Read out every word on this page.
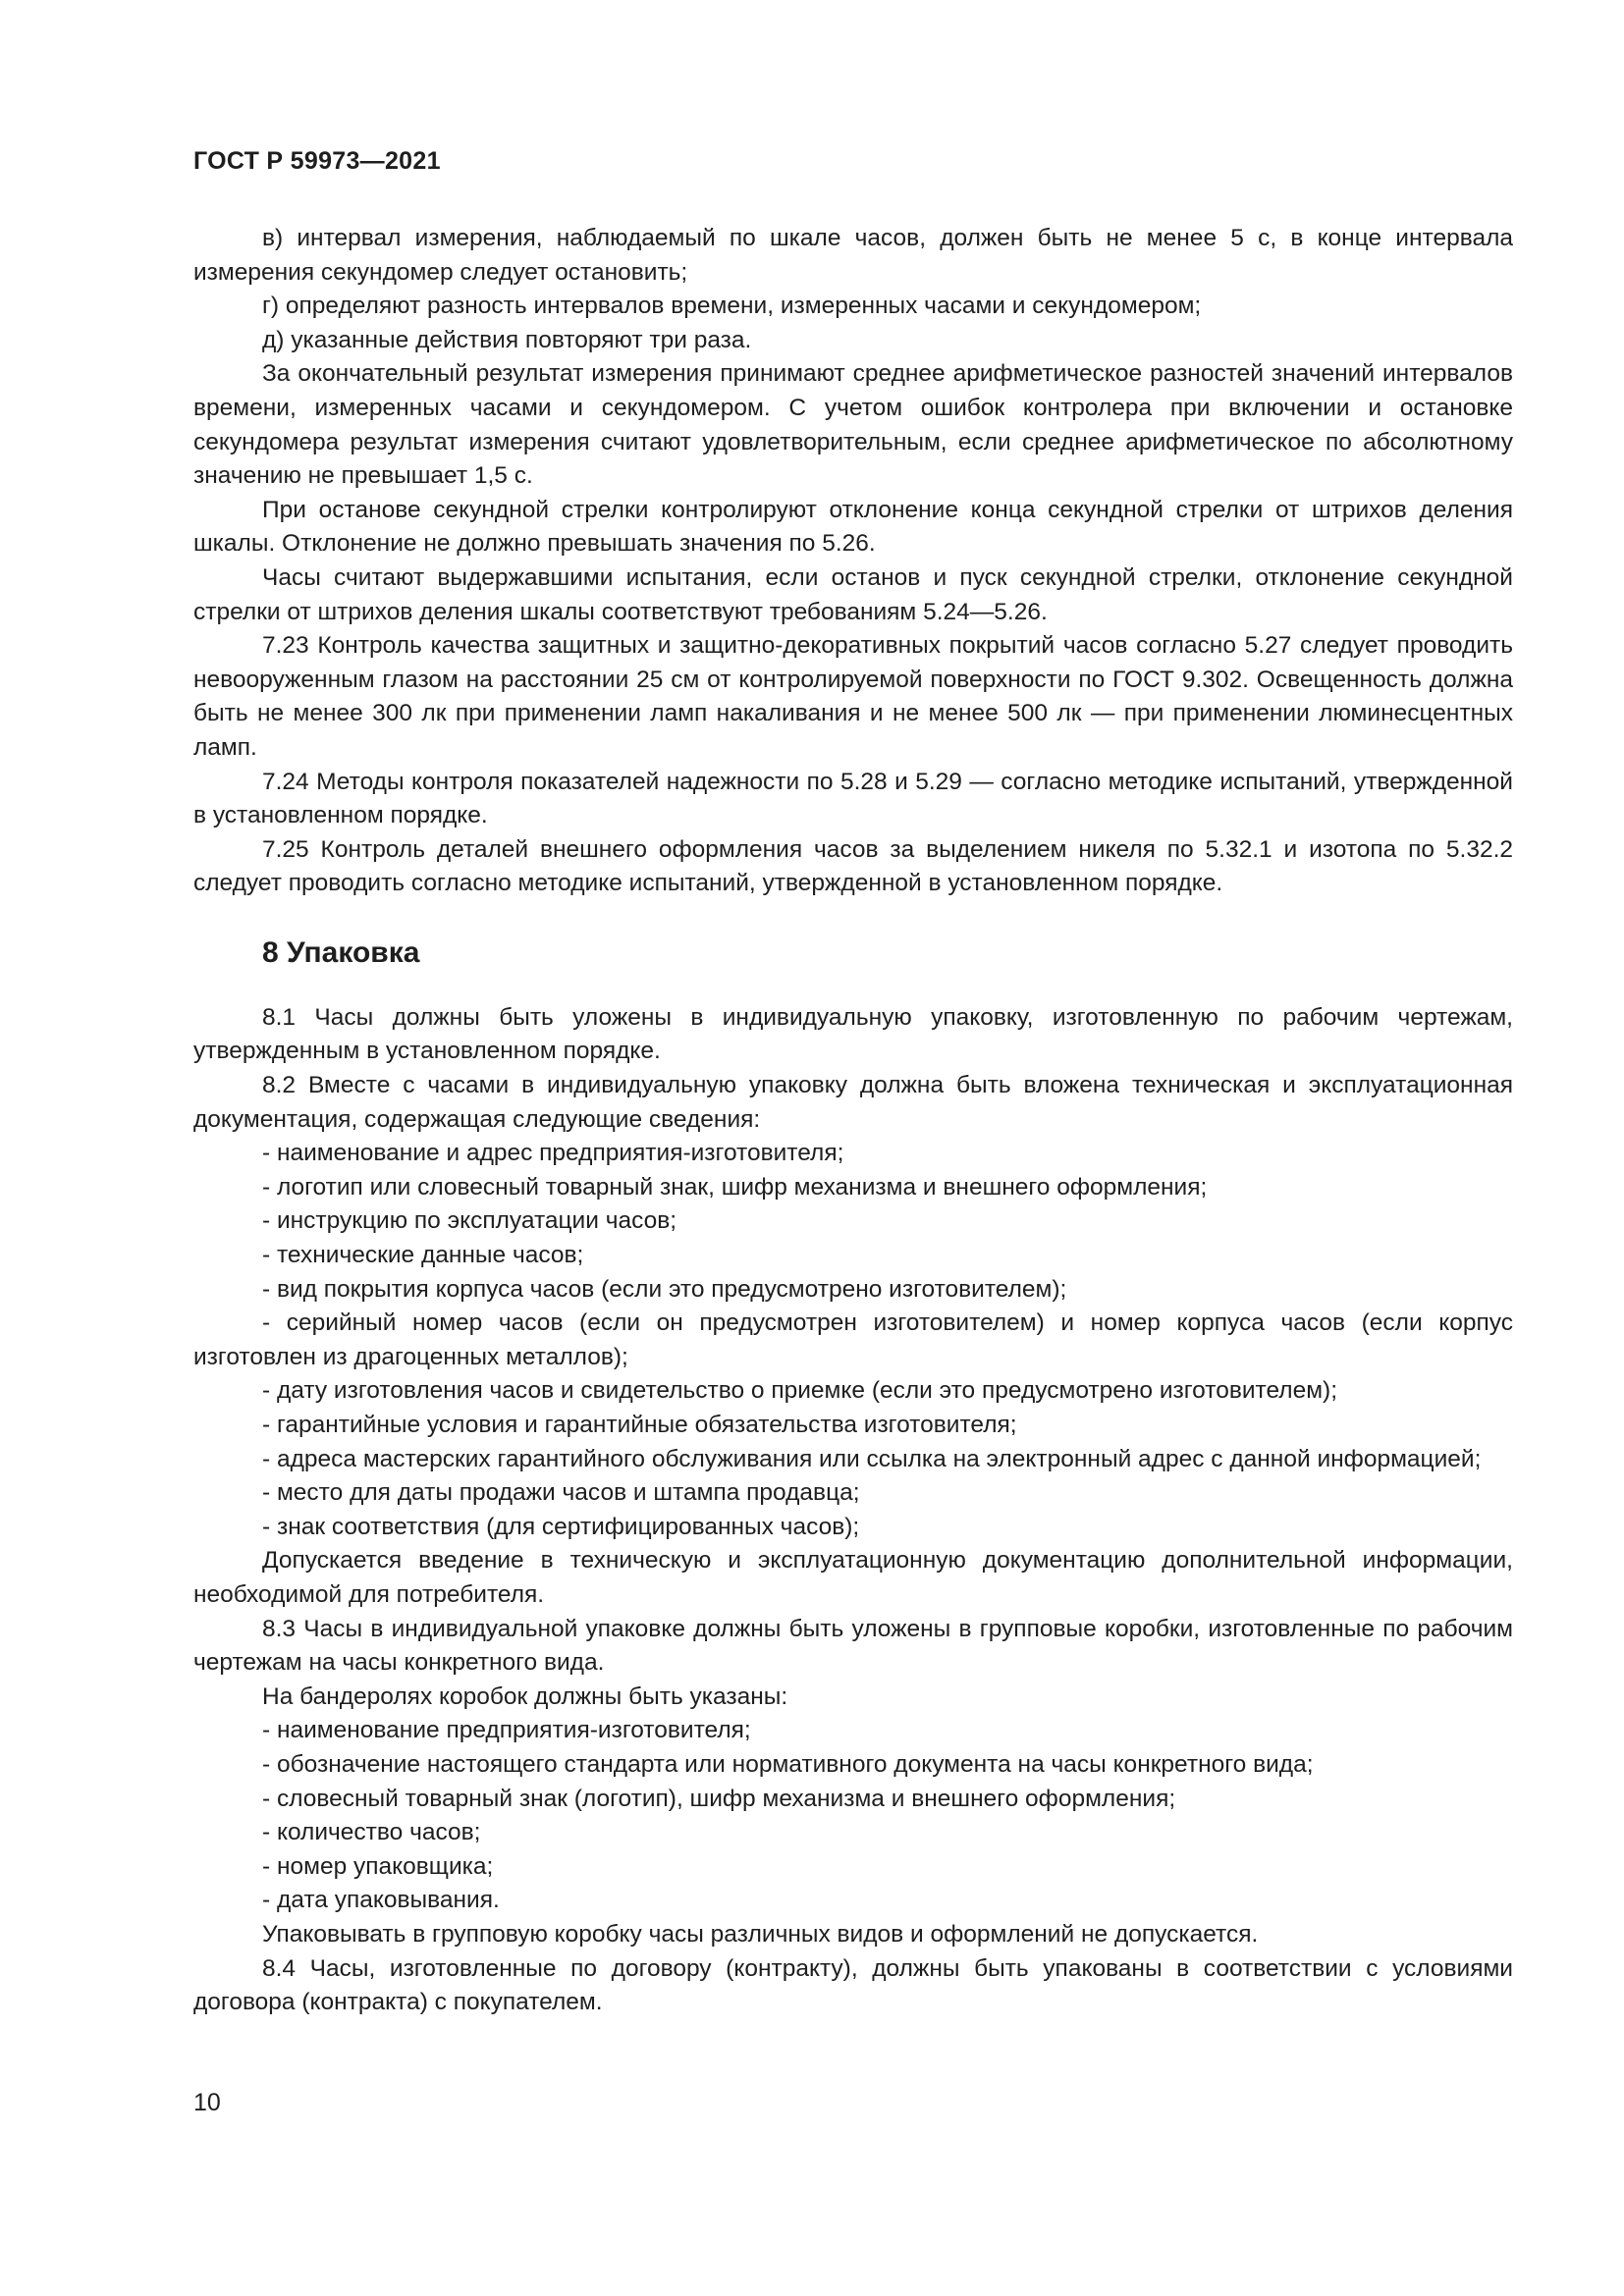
ГОСТ Р 59973—2021

в) интервал измерения, наблюдаемый по шкале часов, должен быть не менее 5 с, в конце интервала измерения секундомер следует остановить;

г) определяют разность интервалов времени, измеренных часами и секундомером;

д) указанные действия повторяют три раза.

За окончательный результат измерения принимают среднее арифметическое разностей значений интервалов времени, измеренных часами и секундомером. С учетом ошибок контролера при включении и остановке секундомера результат измерения считают удовлетворительным, если среднее арифметическое по абсолютному значению не превышает 1,5 с.

При останове секундной стрелки контролируют отклонение конца секундной стрелки от штрихов деления шкалы. Отклонение не должно превышать значения по 5.26.

Часы считают выдержавшими испытания, если останов и пуск секундной стрелки, отклонение секундной стрелки от штрихов деления шкалы соответствуют требованиям 5.24—5.26.

7.23 Контроль качества защитных и защитно-декоративных покрытий часов согласно 5.27 следует проводить невооруженным глазом на расстоянии 25 см от контролируемой поверхности по ГОСТ 9.302. Освещенность должна быть не менее 300 лк при применении ламп накаливания и не менее 500 лк — при применении люминесцентных ламп.

7.24 Методы контроля показателей надежности по 5.28 и 5.29 — согласно методике испытаний, утвержденной в установленном порядке.

7.25 Контроль деталей внешнего оформления часов за выделением никеля по 5.32.1 и изотопа по 5.32.2 следует проводить согласно методике испытаний, утвержденной в установленном порядке.

8 Упаковка

8.1 Часы должны быть уложены в индивидуальную упаковку, изготовленную по рабочим чертежам, утвержденным в установленном порядке.

8.2 Вместе с часами в индивидуальную упаковку должна быть вложена техническая и эксплуатационная документация, содержащая следующие сведения:

- наименование и адрес предприятия-изготовителя;

- логотип или словесный товарный знак, шифр механизма и внешнего оформления;

- инструкцию по эксплуатации часов;

- технические данные часов;

- вид покрытия корпуса часов (если это предусмотрено изготовителем);

- серийный номер часов (если он предусмотрен изготовителем) и номер корпуса часов (если корпус изготовлен из драгоценных металлов);

- дату изготовления часов и свидетельство о приемке (если это предусмотрено изготовителем);

- гарантийные условия и гарантийные обязательства изготовителя;

- адреса мастерских гарантийного обслуживания или ссылка на электронный адрес с данной информацией;

- место для даты продажи часов и штампа продавца;

- знак соответствия (для сертифицированных часов);

Допускается введение в техническую и эксплуатационную документацию дополнительной информации, необходимой для потребителя.

8.3 Часы в индивидуальной упаковке должны быть уложены в групповые коробки, изготовленные по рабочим чертежам на часы конкретного вида.

На бандеролях коробок должны быть указаны:

- наименование предприятия-изготовителя;

- обозначение настоящего стандарта или нормативного документа на часы конкретного вида;

- словесный товарный знак (логотип), шифр механизма и внешнего оформления;

- количество часов;

- номер упаковщика;

- дата упаковывания.

Упаковывать в групповую коробку часы различных видов и оформлений не допускается.

8.4 Часы, изготовленные по договору (контракту), должны быть упакованы в соответствии с условиями договора (контракта) с покупателем.

10
